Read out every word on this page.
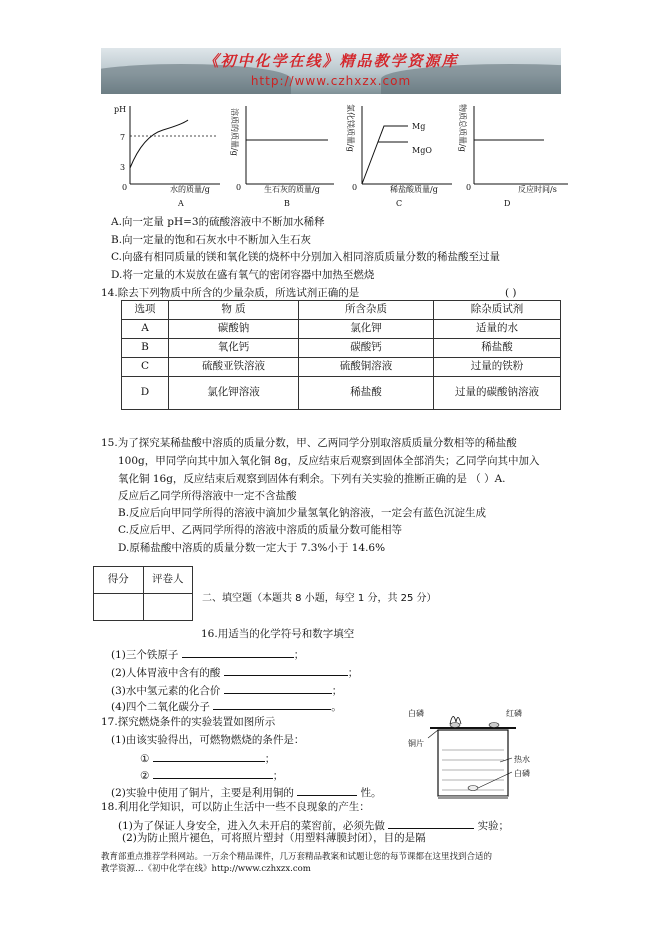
《初中化学在线》精品教学资源库
http://www.czhxzx.com
pH
7
3
0	水的质量/g
A
溶质的质量/g
0	生石灰的质量/g
B
Mg
MgO
氯化镁质量/g
0	稀盐酸质量/g
C
物质总质量/g
0	反应时间/s
D
A.向一定量 pH=3的硫酸溶液中不断加水稀释
B.向一定量的饱和石灰水中不断加入生石灰
C.向盛有相同质量的镁和氧化镁的烧杯中分别加入相同溶质质量分数的稀盐酸至过量
D.将一定量的木炭放在盛有氧气的密闭容器中加热至燃烧
14.除去下列物质中所含的少量杂质，所选试剂正确的是	( )
选项	物 质	所含杂质	除杂质试剂
A	碳酸钠	氯化钾	适量的水
B	氧化钙	碳酸钙	稀盐酸
C	硫酸亚铁溶液	硫酸铜溶液	过量的铁粉
D	氯化钾溶液	稀盐酸	过量的碳酸钠溶液
15.为了探究某稀盐酸中溶质的质量分数，甲、乙两同学分别取溶质质量分数相等的稀盐酸
100g，甲同学向其中加入氧化铜 8g，反应结束后观察到固体全部消失；乙同学向其中加入
氧化铜 16g，反应结束后观察到固体有剩余。下列有关实验的推断正确的是 （ ）A.
反应后乙同学所得溶液中一定不含盐酸
B.反应后向甲同学所得的溶液中滴加少量氢氧化钠溶液，一定会有蓝色沉淀生成
C.反应后甲、乙两同学所得的溶液中溶质的质量分数可能相等
D.原稀盐酸中溶质的质量分数一定大于 7.3%小于 14.6%
得分	评卷人

二、填空题（本题共 8 小题，每空 1 分，共 25 分）
16.用适当的化学符号和数字填空
(1)三个铁原子	；
(2)人体胃液中含有的酸	；
(3)水中氢元素的化合价	；
(4)四个二氧化碳分子	。
17.探究燃烧条件的实验装置如图所示
(1)由该实验得出，可燃物燃烧的条件是：
①	；
②	；
(2)实验中使用了铜片，主要是利用铜的	性。
白磷	红磷
铜片
热水
白磷
18.利用化学知识，可以防止生活中一些不良现象的产生：
(1)为了保证人身安全，进入久未开启的菜窖前，必须先做	实验；
(2)为防止照片褪色，可将照片塑封（用塑料薄膜封闭），目的是隔
教育部重点推荐学科网站。一万余个精品课件，几万套精品教案和试题让您的每节课都在这里找到合适的
教学资源…《初中化学在线》http://www.czhxzx.com
